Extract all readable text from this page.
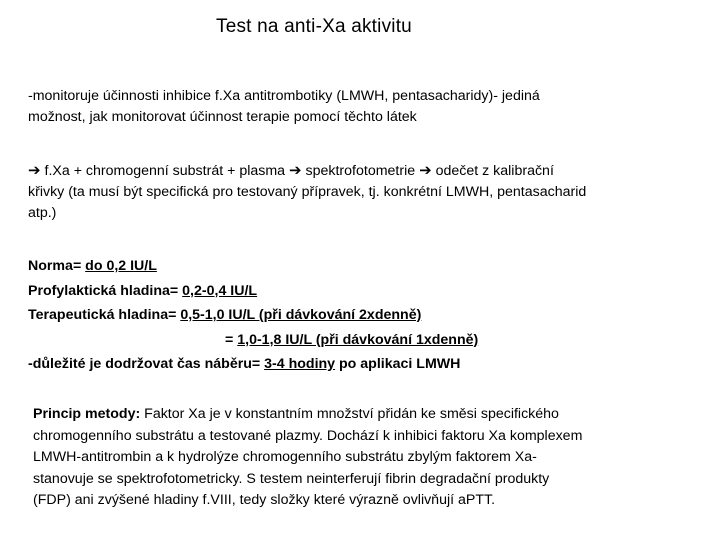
Test na anti-Xa aktivitu
-monitoruje účinnosti inhibice f.Xa antitrombotiky (LMWH, pentasacharidy)- jediná
možnost, jak monitorovat účinnost terapie pomocí těchto látek
➔ f.Xa + chromogenní substrát + plasma ➔ spektrofotometrie ➔ odečet z kalibrační
křivky (ta musí být specifická pro testovaný přípravek, tj. konkrétní LMWH, pentasacharid
atp.)
Norma= do 0,2 IU/L
Profylaktická hladina= 0,2-0,4 IU/L
Terapeutická hladina= 0,5-1,0 IU/L (při dávkování 2xdenně)
= 1,0-1,8 IU/L (při dávkování 1xdenně)
-důležité je dodržovat čas náběru= 3-4 hodiny po aplikaci LMWH
Princip metody: Faktor Xa je v konstantním množství přidán ke směsi specifického
chromogenního substrátu a testované plazmy. Dochází k inhibici faktoru Xa komplexem
LMWH‑antitrombin a k hydrolýze chromogenního substrátu zbylým faktorem Xa-
stanovuje se spektrofotometricky. S testem neinterferují fibrin degradační produkty
(FDP) ani zvýšené hladiny f.VIII, tedy složky které výrazně ovlivňují aPTT.
